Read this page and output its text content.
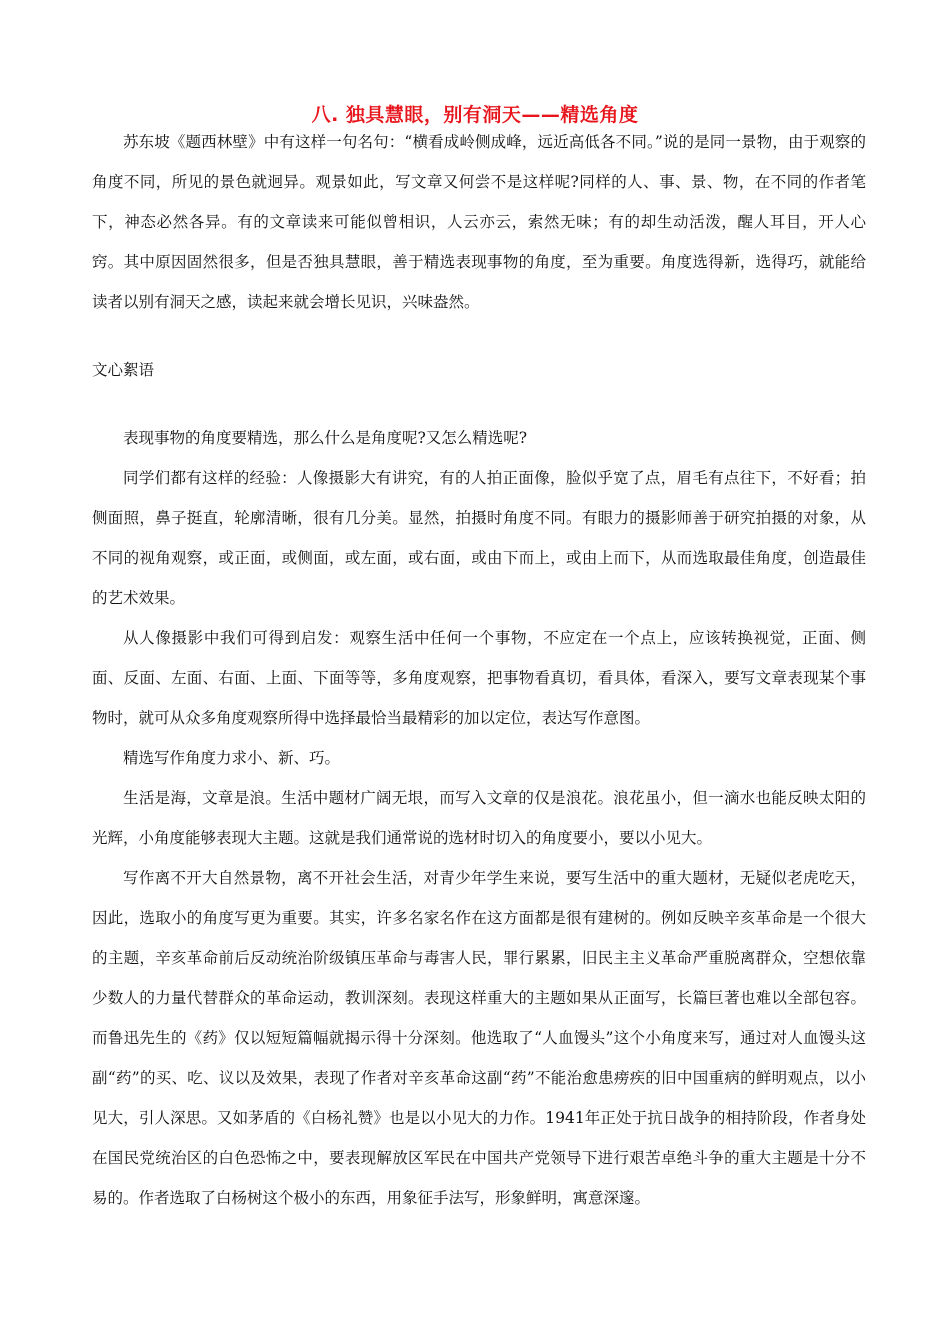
八. 独具慧眼，别有洞天——精选角度

苏东坡《题西林壁》中有这样一句名句：“横看成岭侧成峰，远近高低各不同。”说的是同一景物，由于观察的角度不同，所见的景色就迥异。观景如此，写文章又何尝不是这样呢?同样的人、事、景、物，在不同的作者笔下，神态必然各异。有的文章读来可能似曾相识，人云亦云，索然无味；有的却生动活泼，醒人耳目，开人心窍。其中原因固然很多，但是否独具慧眼，善于精选表现事物的角度，至为重要。角度选得新，选得巧，就能给读者以别有洞天之感，读起来就会增长见识，兴味盎然。

文心絮语

表现事物的角度要精选，那么什么是角度呢?又怎么精选呢?

同学们都有这样的经验：人像摄影大有讲究，有的人拍正面像，脸似乎宽了点，眉毛有点往下，不好看；拍侧面照，鼻子挺直，轮廓清晰，很有几分美。显然，拍摄时角度不同。有眼力的摄影师善于研究拍摄的对象，从不同的视角观察，或正面，或侧面，或左面，或右面，或由下而上，或由上而下，从而选取最佳角度，创造最佳的艺术效果。

从人像摄影中我们可得到启发：观察生活中任何一个事物，不应定在一个点上，应该转换视觉，正面、侧面、反面、左面、右面、上面、下面等等，多角度观察，把事物看真切，看具体，看深入，要写文章表现某个事物时，就可从众多角度观察所得中选择最恰当最精彩的加以定位，表达写作意图。

精选写作角度力求小、新、巧。

生活是海，文章是浪。生活中题材广阔无垠，而写入文章的仅是浪花。浪花虽小，但一滴水也能反映太阳的光辉，小角度能够表现大主题。这就是我们通常说的选材时切入的角度要小，要以小见大。

写作离不开大自然景物，离不开社会生活，对青少年学生来说，要写生活中的重大题材，无疑似老虎吃天，因此，选取小的角度写更为重要。其实，许多名家名作在这方面都是很有建树的。例如反映辛亥革命是一个很大的主题，辛亥革命前后反动统治阶级镇压革命与毒害人民，罪行累累，旧民主主义革命严重脱离群众，空想依靠少数人的力量代替群众的革命运动，教训深刻。表现这样重大的主题如果从正面写，长篇巨著也难以全部包容。而鲁迅先生的《药》仅以短短篇幅就揭示得十分深刻。他选取了“人血馒头”这个小角度来写，通过对人血馒头这副“药”的买、吃、议以及效果，表现了作者对辛亥革命这副“药”不能治愈患痨疾的旧中国重病的鲜明观点，以小见大，引人深思。又如茅盾的《白杨礼赞》也是以小见大的力作。1941年正处于抗日战争的相持阶段，作者身处在国民党统治区的白色恐怖之中，要表现解放区军民在中国共产党领导下进行艰苦卓绝斗争的重大主题是十分不易的。作者选取了白杨树这个极小的东西，用象征手法写，形象鲜明，寓意深邃。
